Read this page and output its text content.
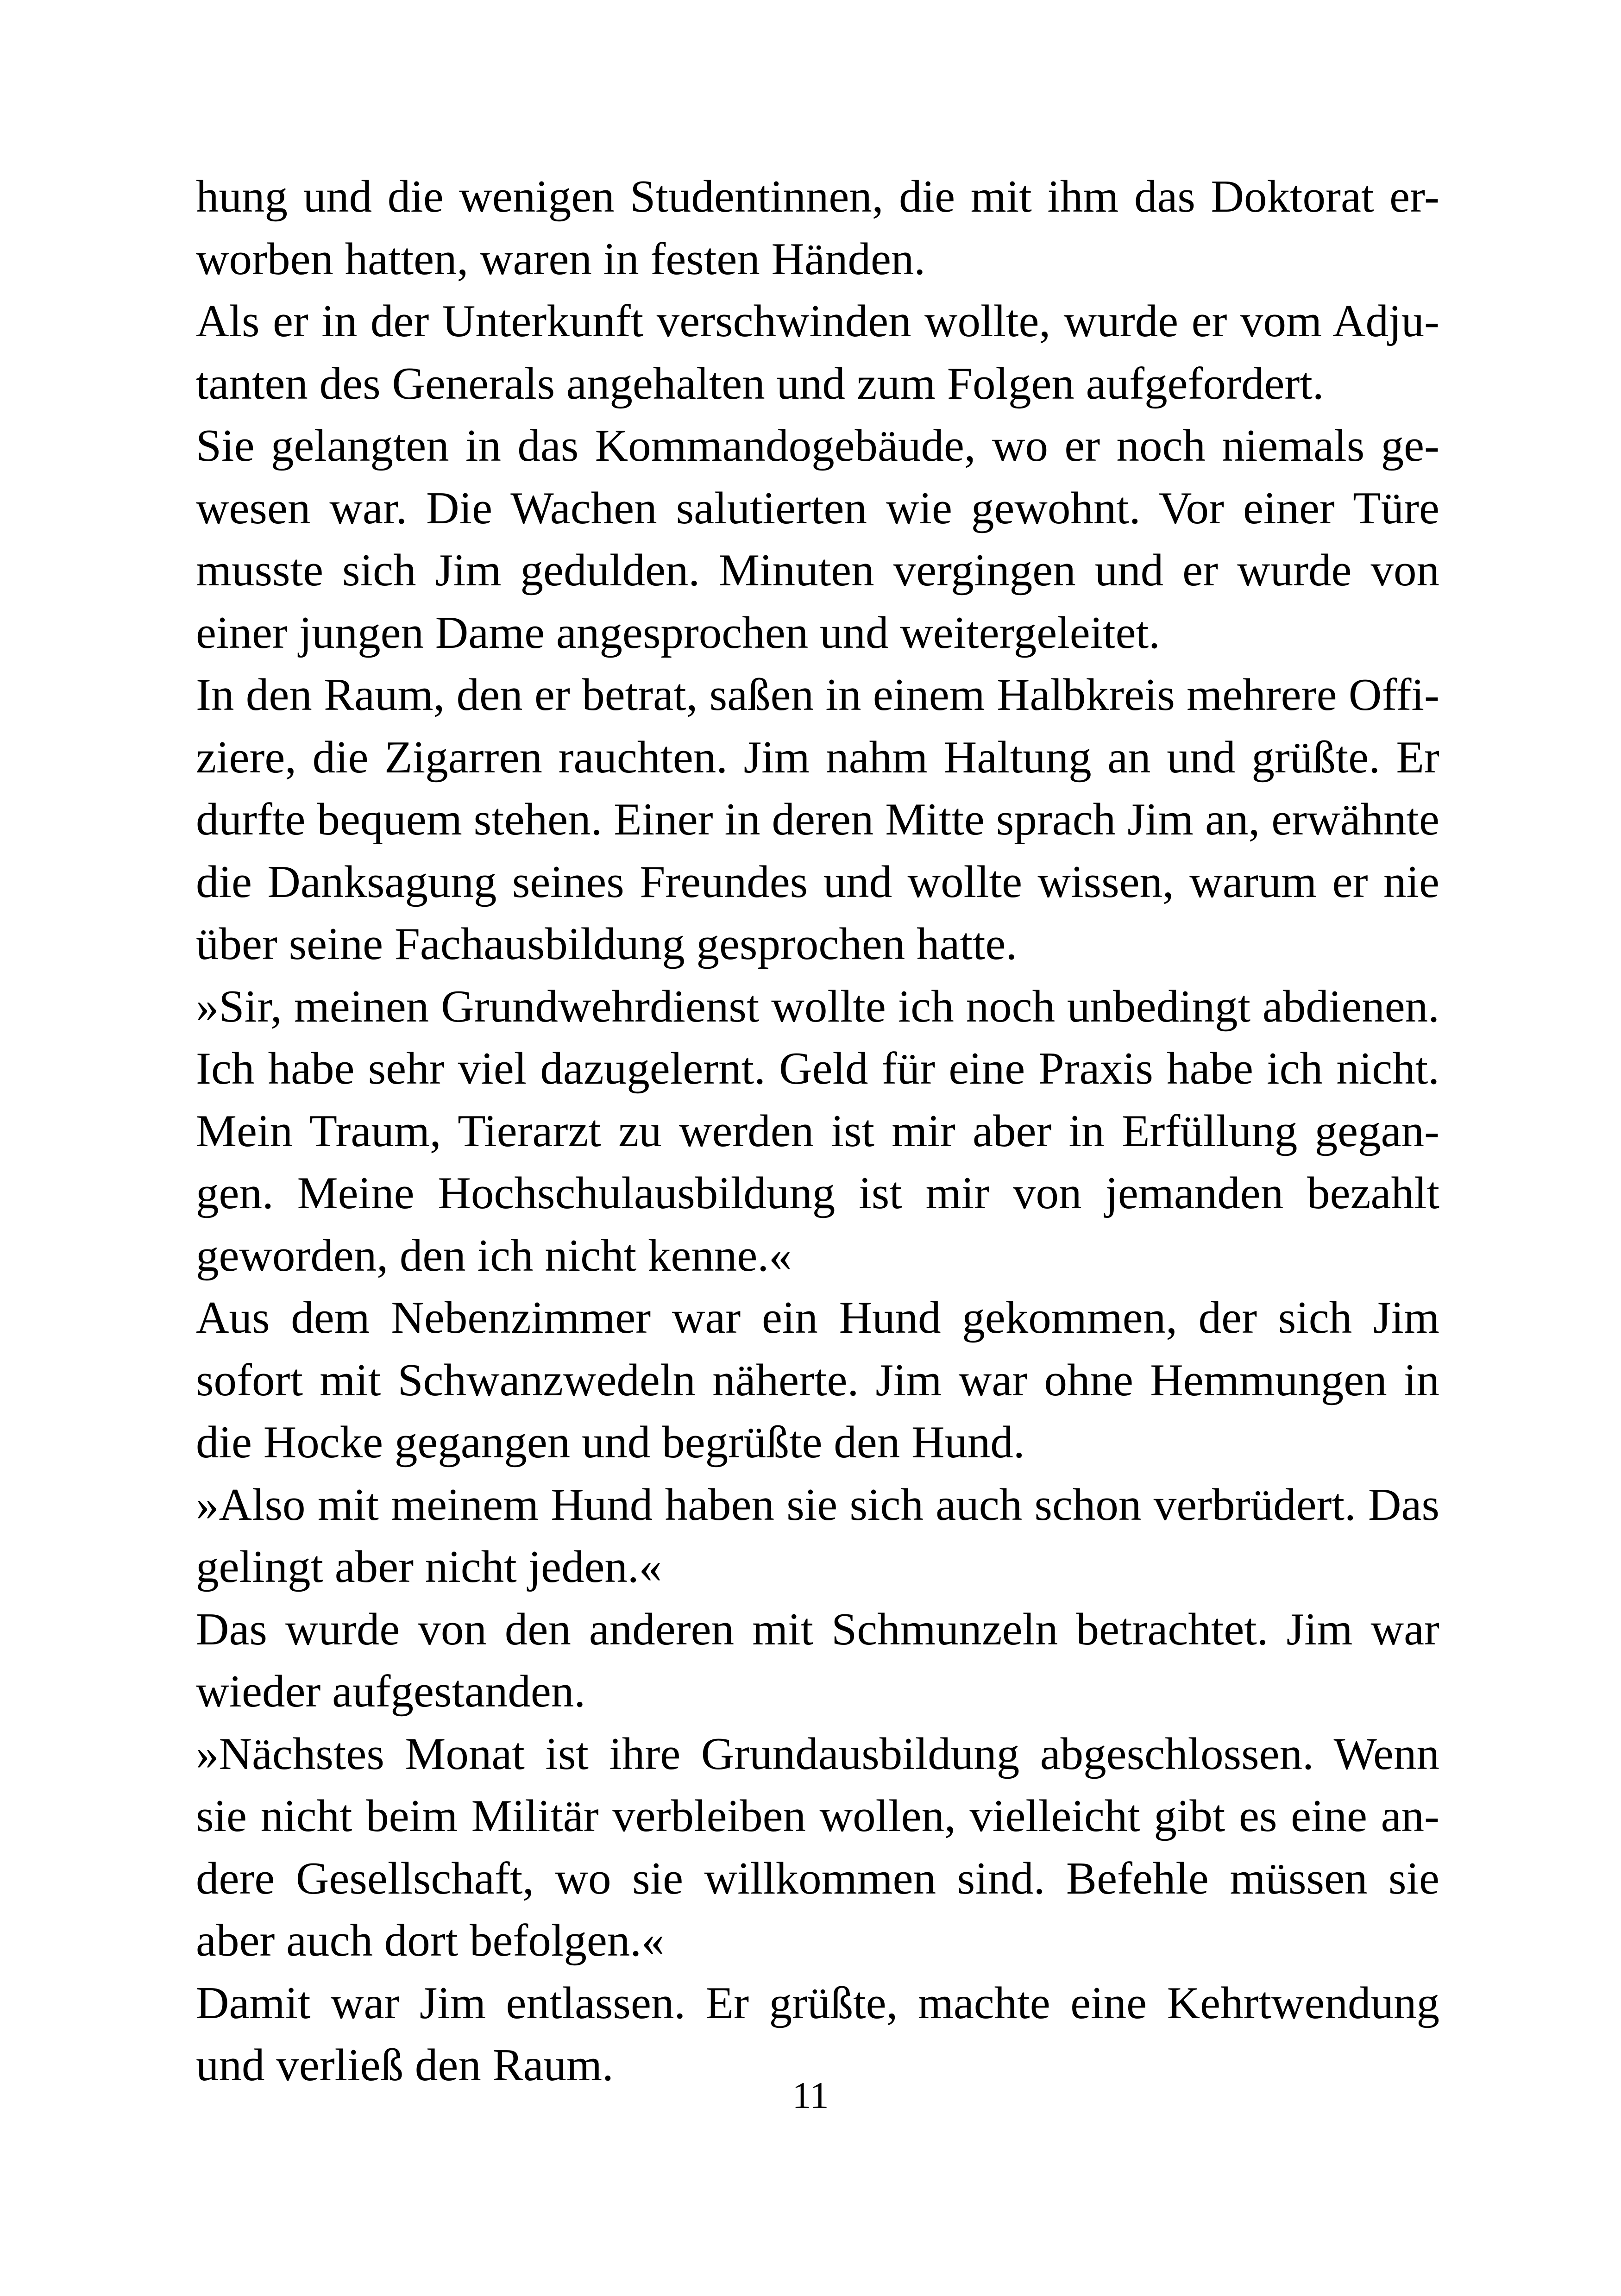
hung und die wenigen Studentinnen, die mit ihm das Doktorat er-
worben hatten, waren in festen Händen.
Als er in der Unterkunft verschwinden wollte, wurde er vom Adju-
tanten des Generals angehalten und zum Folgen aufgefordert.
Sie gelangten in das Kommandogebäude, wo er noch niemals ge-
wesen war. Die Wachen salutierten wie gewohnt. Vor einer Türe
musste sich Jim gedulden. Minuten vergingen und er wurde von
einer jungen Dame angesprochen und weitergeleitet.
In den Raum, den er betrat, saßen in einem Halbkreis mehrere Offi-
ziere, die Zigarren rauchten. Jim nahm Haltung an und grüßte. Er
durfte bequem stehen. Einer in deren Mitte sprach Jim an, erwähnte
die Danksagung seines Freundes und wollte wissen, warum er nie
über seine Fachausbildung gesprochen hatte.
»Sir, meinen Grundwehrdienst wollte ich noch unbedingt abdienen.
Ich habe sehr viel dazugelernt. Geld für eine Praxis habe ich nicht.
Mein Traum, Tierarzt zu werden ist mir aber in Erfüllung gegan-
gen. Meine Hochschulausbildung ist mir von jemanden bezahlt
geworden, den ich nicht kenne.«
Aus dem Nebenzimmer war ein Hund gekommen, der sich Jim
sofort mit Schwanzwedeln näherte. Jim war ohne Hemmungen in
die Hocke gegangen und begrüßte den Hund.
»Also mit meinem Hund haben sie sich auch schon verbrüdert. Das
gelingt aber nicht jeden.«
Das wurde von den anderen mit Schmunzeln betrachtet. Jim war
wieder aufgestanden.
»Nächstes Monat ist ihre Grundausbildung abgeschlossen. Wenn
sie nicht beim Militär verbleiben wollen, vielleicht gibt es eine an-
dere Gesellschaft, wo sie willkommen sind. Befehle müssen sie
aber auch dort befolgen.«
Damit war Jim entlassen. Er grüßte, machte eine Kehrtwendung
und verließ den Raum.
11
